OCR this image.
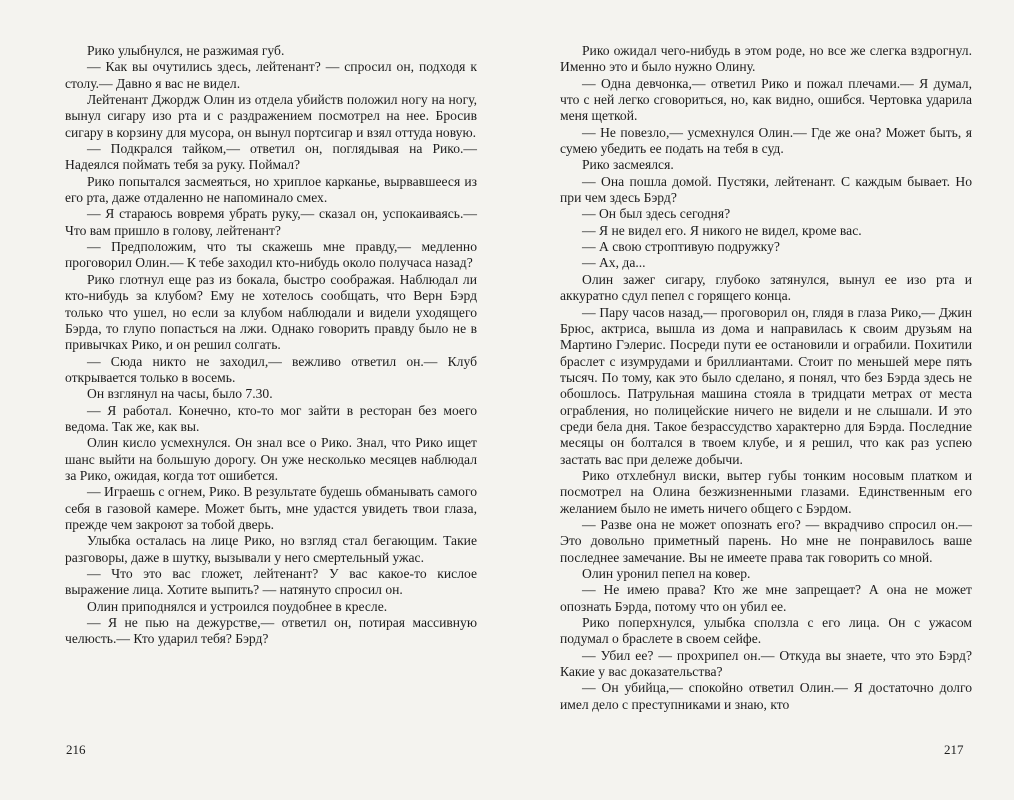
Рико улыбнулся, не разжимая губ.

— Как вы очутились здесь, лейтенант? — спросил он, подходя к столу.— Давно я вас не видел.

Лейтенант Джордж Олин из отдела убийств положил ногу на ногу, вынул сигару изо рта и с раздражением посмотрел на нее. Бросив сигару в корзину для мусора, он вынул портсигар и взял оттуда новую.

— Подкрался тайком,— ответил он, поглядывая на Рико.— Надеялся поймать тебя за руку. Поймал?

Рико попытался засмеяться, но хриплое карканье, вырвавшееся из его рта, даже отдаленно не напоминало смех.

— Я стараюсь вовремя убрать руку,— сказал он, успокаиваясь.— Что вам пришло в голову, лейтенант?

— Предположим, что ты скажешь мне правду,— медленно проговорил Олин.— К тебе заходил кто-нибудь около получаса назад?

Рико глотнул еще раз из бокала, быстро соображая. Наблюдал ли кто-нибудь за клубом? Ему не хотелось сообщать, что Верн Бэрд только что ушел, но если за клубом наблюдали и видели уходящего Бэрда, то глупо попасться на лжи. Однако говорить правду было не в привычках Рико, и он решил солгать.

— Сюда никто не заходил,— вежливо ответил он.— Клуб открывается только в восемь.

Он взглянул на часы, было 7.30.

— Я работал. Конечно, кто-то мог зайти в ресторан без моего ведома. Так же, как вы.

Олин кисло усмехнулся. Он знал все о Рико. Знал, что Рико ищет шанс выйти на большую дорогу. Он уже несколько месяцев наблюдал за Рико, ожидая, когда тот ошибется.

— Играешь с огнем, Рико. В результате будешь обманывать самого себя в газовой камере. Может быть, мне удастся увидеть твои глаза, прежде чем закроют за тобой дверь.

Улыбка осталась на лице Рико, но взгляд стал бегающим. Такие разговоры, даже в шутку, вызывали у него смертельный ужас.

— Что это вас гложет, лейтенант? У вас какое-то кислое выражение лица. Хотите выпить? — натянуто спросил он.

Олин приподнялся и устроился поудобнее в кресле.

— Я не пью на дежурстве,— ответил он, потирая массивную челюсть.— Кто ударил тебя? Бэрд?

216

Рико ожидал чего-нибудь в этом роде, но все же слегка вздрогнул. Именно это и было нужно Олину.

— Одна девчонка,— ответил Рико и пожал плечами.— Я думал, что с ней легко сговориться, но, как видно, ошибся. Чертовка ударила меня щеткой.

— Не повезло,— усмехнулся Олин.— Где же она? Может быть, я сумею убедить ее подать на тебя в суд.

Рико засмеялся.

— Она пошла домой. Пустяки, лейтенант. С каждым бывает. Но при чем здесь Бэрд?

— Он был здесь сегодня?

— Я не видел его. Я никого не видел, кроме вас.

— А свою строптивую подружку?

— Ах, да...

Олин зажег сигару, глубоко затянулся, вынул ее изо рта и аккуратно сдул пепел с горящего конца.

— Пару часов назад,— проговорил он, глядя в глаза Рико,— Джин Брюс, актриса, вышла из дома и направилась к своим друзьям на Мартино Гэлерис. Посреди пути ее остановили и ограбили. Похитили браслет с изумрудами и бриллиантами. Стоит по меньшей мере пять тысяч. По тому, как это было сделано, я понял, что без Бэрда здесь не обошлось. Патрульная машина стояла в тридцати метрах от места ограбления, но полицейские ничего не видели и не слышали. И это среди бела дня. Такое безрассудство характерно для Бэрда. Последние месяцы он болтался в твоем клубе, и я решил, что как раз успею застать вас при дележе добычи.

Рико отхлебнул виски, вытер губы тонким носовым платком и посмотрел на Олина безжизненными глазами. Единственным его желанием было не иметь ничего общего с Бэрдом.

— Разве она не может опознать его? — вкрадчиво спросил он.— Это довольно приметный парень. Но мне не понравилось ваше последнее замечание. Вы не имеете права так говорить со мной.

Олин уронил пепел на ковер.

— Не имею права? Кто же мне запрещает? А она не может опознать Бэрда, потому что он убил ее.

Рико поперхнулся, улыбка сползла с его лица. Он с ужасом подумал о браслете в своем сейфе.

— Убил ее? — прохрипел он.— Откуда вы знаете, что это Бэрд? Какие у вас доказательства?

— Он убийца,— спокойно ответил Олин.— Я достаточно долго имел дело с преступниками и знаю, кто

217
